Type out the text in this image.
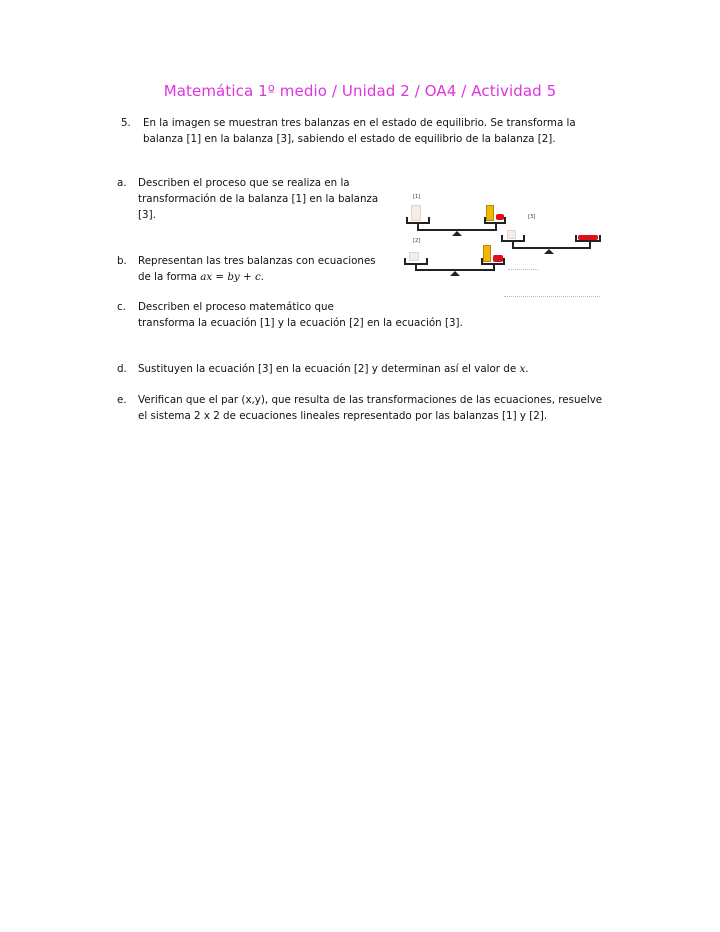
Matemática 1º medio / Unidad 2 / OA4 / Actividad 5
5. En la imagen se muestran tres balanzas en el estado de equilibrio. Se transforma la
balanza [1] en la balanza [3], sabiendo el estado de equilibrio de la balanza [2].
a. Describen el proceso que se realiza en la
transformación de la balanza [1] en la balanza
[3].
b. Representan las tres balanzas con ecuaciones
de la forma ax = by + c.
c. Describen el proceso matemático que
transforma la ecuación [1] y la ecuación [2] en la ecuación [3].
d. Sustituyen la ecuación [3] en la ecuación [2] y determinan así el valor de x.
e. Verifican que el par (x,y), que resulta de las transformaciones de las ecuaciones, resuelve
el sistema 2 x 2 de ecuaciones lineales representado por las balanzas [1] y [2].
[1]
[2]
[3]
